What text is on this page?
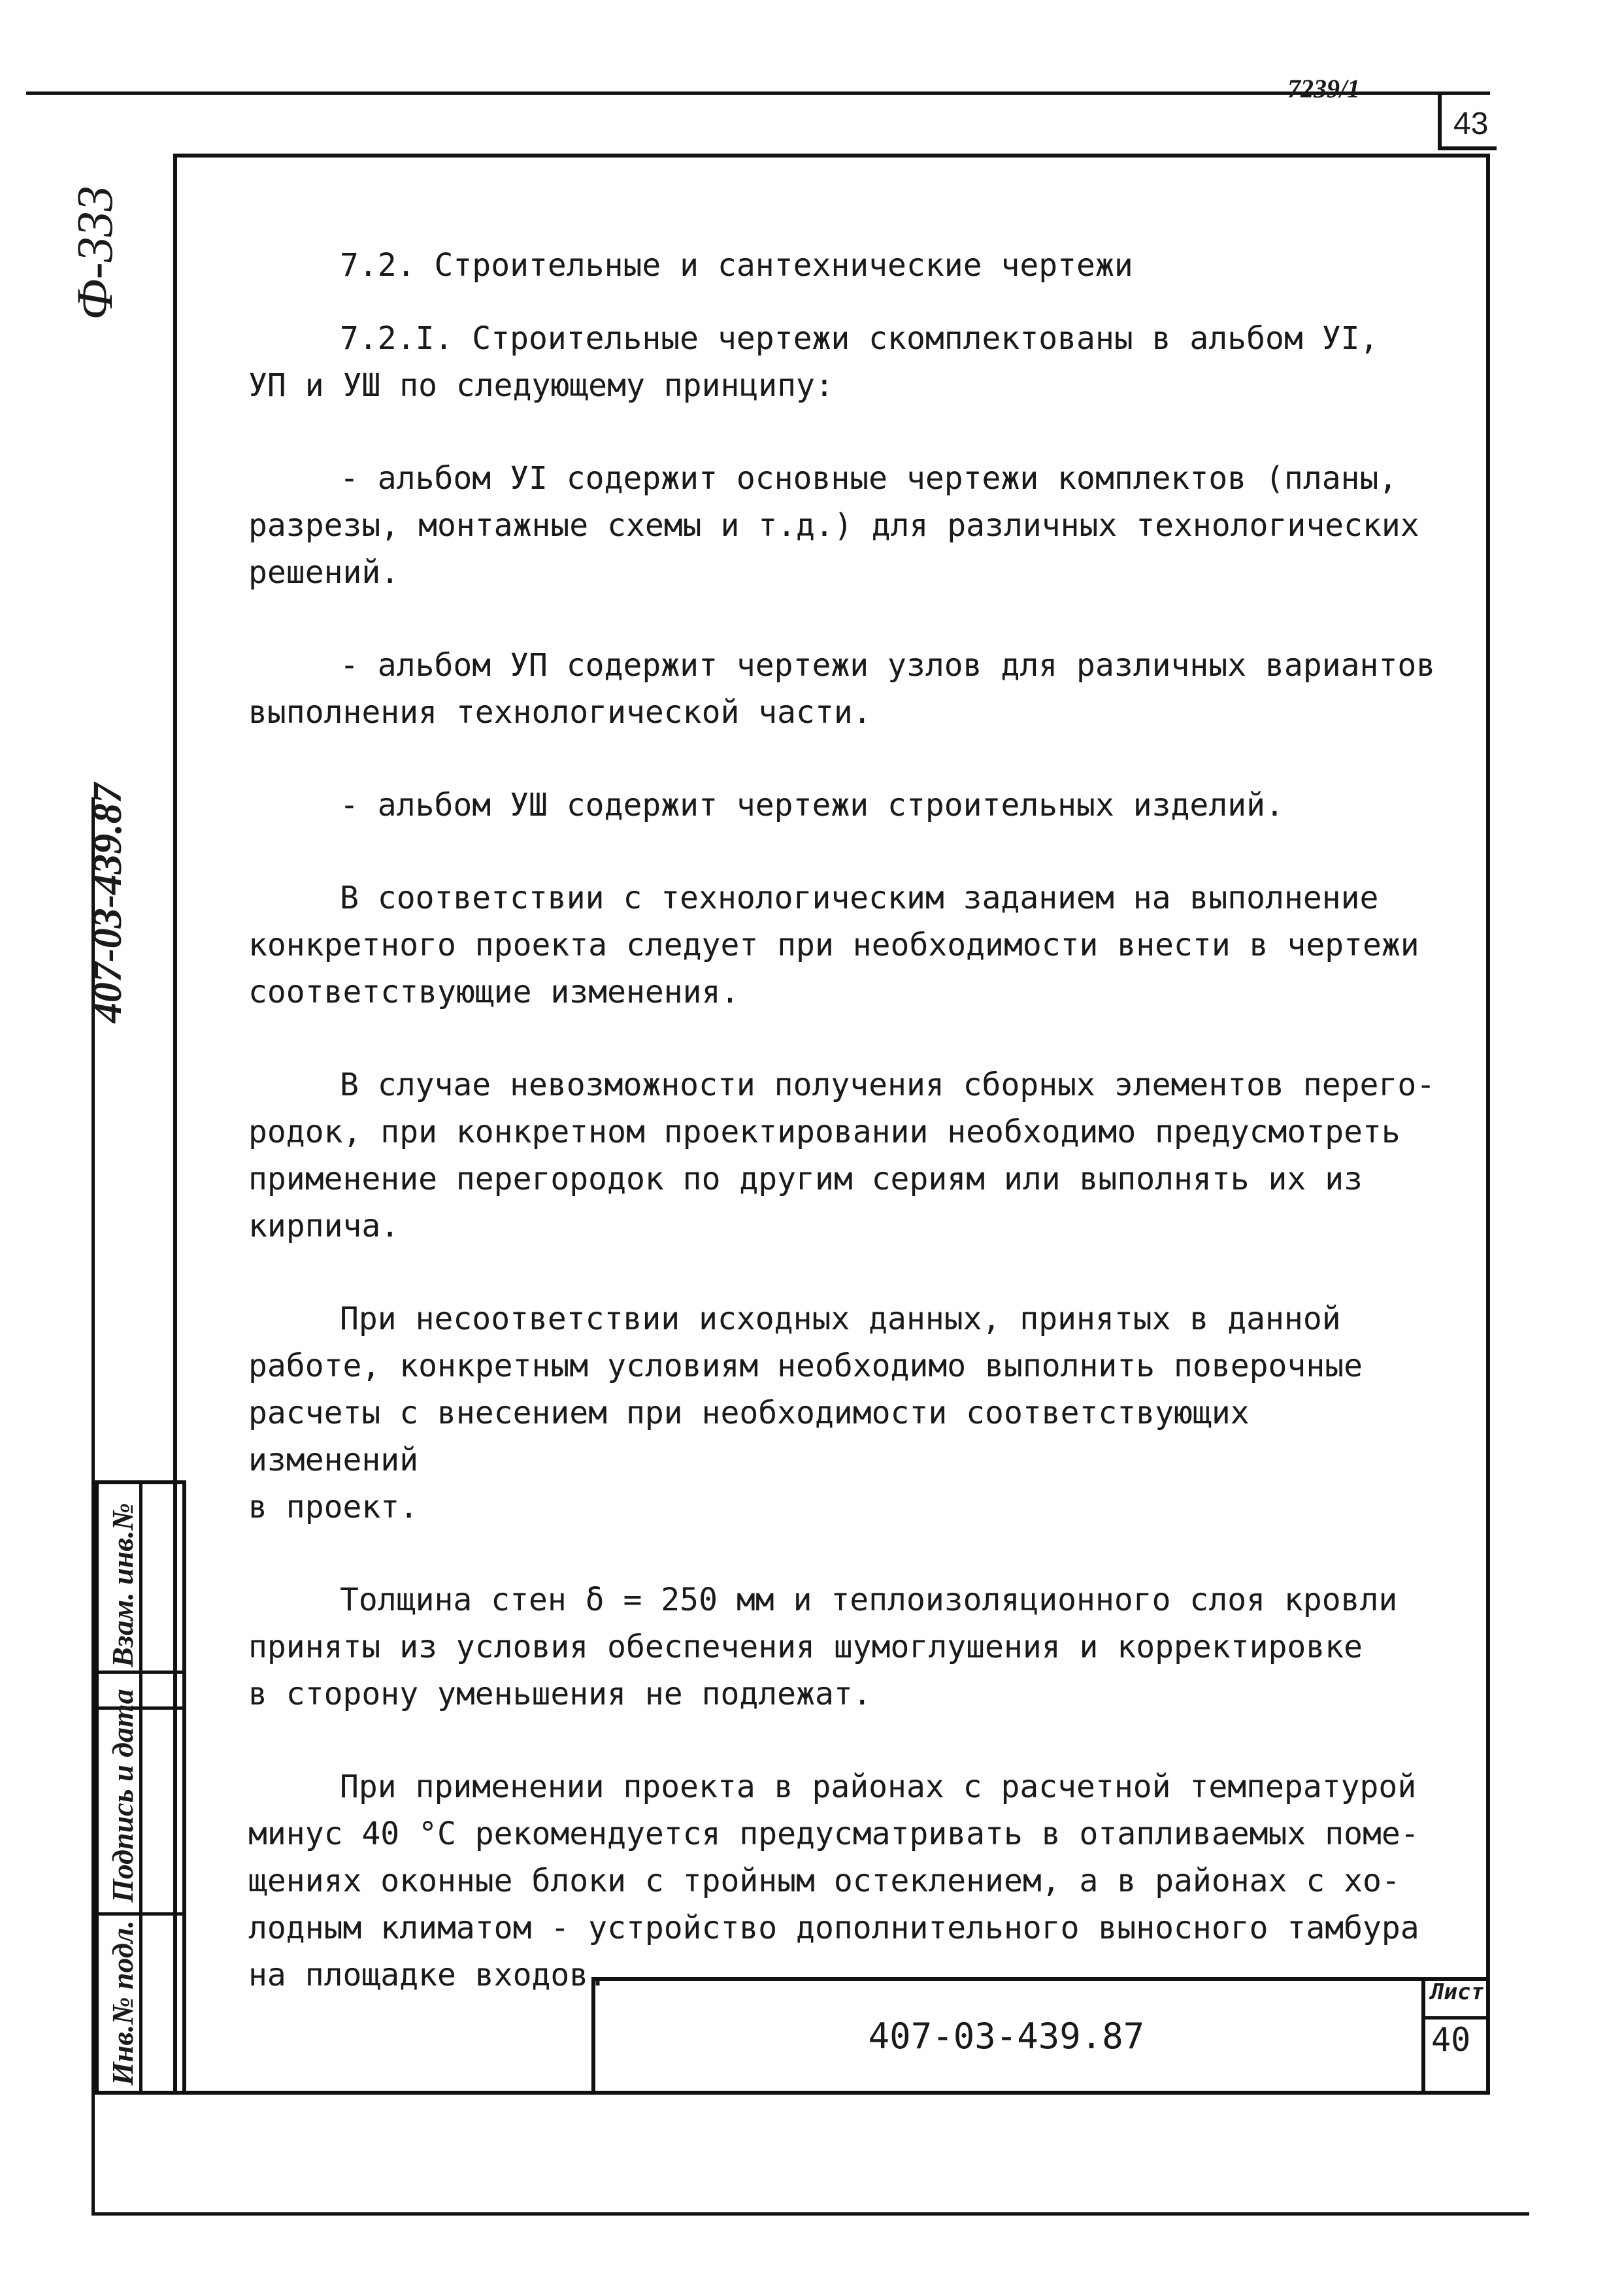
7239/1
43
Ф-333
407-03-439.87
Инв.№ подл.
Подпись и дата
Взам. инв.№

7.2. Строительные и сантехнические чертежи

7.2.I. Строительные чертежи скомплектованы в альбом УI,
УП и УШ по следующему принципу:

- альбом УI содержит основные чертежи комплектов (планы,
разрезы, монтажные схемы и т.д.) для различных технологических
решений.

- альбом УП содержит чертежи узлов для различных вариантов
выполнения технологической части.

- альбом УШ содержит чертежи строительных изделий.

В соответствии с технологическим заданием на выполнение
конкретного проекта следует при необходимости внести в чертежи
соответствующие изменения.

В случае невозможности получения сборных элементов перего-
родок, при конкретном проектировании необходимо предусмотреть
применение перегородок по другим сериям или выполнять их из
кирпича.

При несоответствии исходных данных, принятых в данной
работе, конкретным условиям необходимо выполнить поверочные
расчеты с внесением при необходимости соответствующих изменений
в проект.

Толщина стен δ = 250 мм и теплоизоляционного слоя кровли
приняты из условия обеспечения шумоглушения и корректировке
в сторону уменьшения не подлежат.

При применении проекта в районах с расчетной температурой
минус 40 °С рекомендуется предусматривать в отапливаемых поме-
щениях оконные блоки с тройным остеклением, а в районах с хо-
лодным климатом - устройство дополнительного выносного тамбура
на площадке входов.

407-03-439.87
Лист
40
